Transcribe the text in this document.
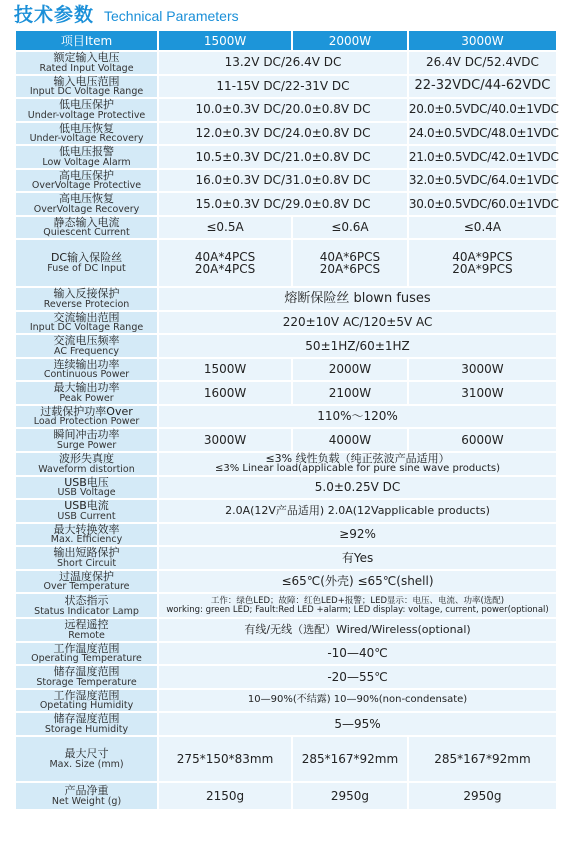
技术参数 Technical Parameters
项目Item	1500W	2000W	3000W

额定输入电压
Rated Input Voltage	13.2V DC/26.4V DC		26.4V DC/52.4VDC

输入电压范围
Input DC Voltage Range	11-15V DC/22-31V DC		22-32VDC/44-62VDC

低电压保护
Under-voltage Protective	10.0±0.3V DC/20.0±0.8V DC		20.0±0.5VDC/40.0±1VDC

低电压恢复
Under-voltage Recovery	12.0±0.3V DC/24.0±0.8V DC		24.0±0.5VDC/48.0±1VDC

低电压报警
Low Voltage Alarm	10.5±0.3V DC/21.0±0.8V DC		21.0±0.5VDC/42.0±1VDC

高电压保护
OverVoltage Protective	16.0±0.3V DC/31.0±0.8V DC		32.0±0.5VDC/64.0±1VDC

高电压恢复
OverVoltage Recovery	15.0±0.3V DC/29.0±0.8V DC		30.0±0.5VDC/60.0±1VDC

静态输入电流
Quiescent Current	≤0.5A	≤0.6A	≤0.4A

DC输入保险丝
Fuse of DC Input	40A*4PCS
20A*4PCS	40A*6PCS
20A*6PCS	40A*9PCS
20A*9PCS

输入反接保护
Reverse Protecion	熔断保险丝 blown fuses		

交流输出范围
Input DC Voltage Range	220±10V AC/120±5V AC		

交流电压频率
AC Frequency	50±1HZ/60±1HZ		

连续输出功率
Continuous Power	1500W	2000W	3000W

最大输出功率
Peak Power	1600W	2100W	3100W

过载保护功率Over
Load Protection Power	110%～120%		

瞬间冲击功率
Surge Power	3000W	4000W	6000W

波形失真度
Waveform distortion	≤3% 线性负载（纯正弦波产品适用）
≤3% Linear load(applicable for pure sine wave products)		

USB电压
USB Voltage	5.0±0.25V DC		

USB电流
USB Current	2.0A(12V产品适用) 2.0A(12Vapplicable products)		

最大转换效率
Max. Efficiency	≥92%		

输出短路保护
Short Circuit	有Yes		

过温度保护
Over Temperature	≤65℃(外壳) ≤65℃(shell)		

状态指示
Status Indicator Lamp	工作：绿色LED；故障：红色LED+报警；LED显示：电压、电流、功率(选配)
working: green LED; Fault:Red LED +alarm; LED display: voltage, current, power(optional)		

远程遥控
Remote	有线/无线（选配）Wired/Wireless(optional)		

工作温度范围
Operating Temperature	-10—40℃		

储存温度范围
Storage Temperature	-20—55℃		

工作湿度范围
Opetating Humidity	10—90%(不结露) 10—90%(non-condensate)		

储存湿度范围
Storage Humidity	5—95%		

最大尺寸
Max. Size (mm)	275*150*83mm	285*167*92mm	285*167*92mm

产品净重
Net Weight (g)	2150g	2950g	2950g
